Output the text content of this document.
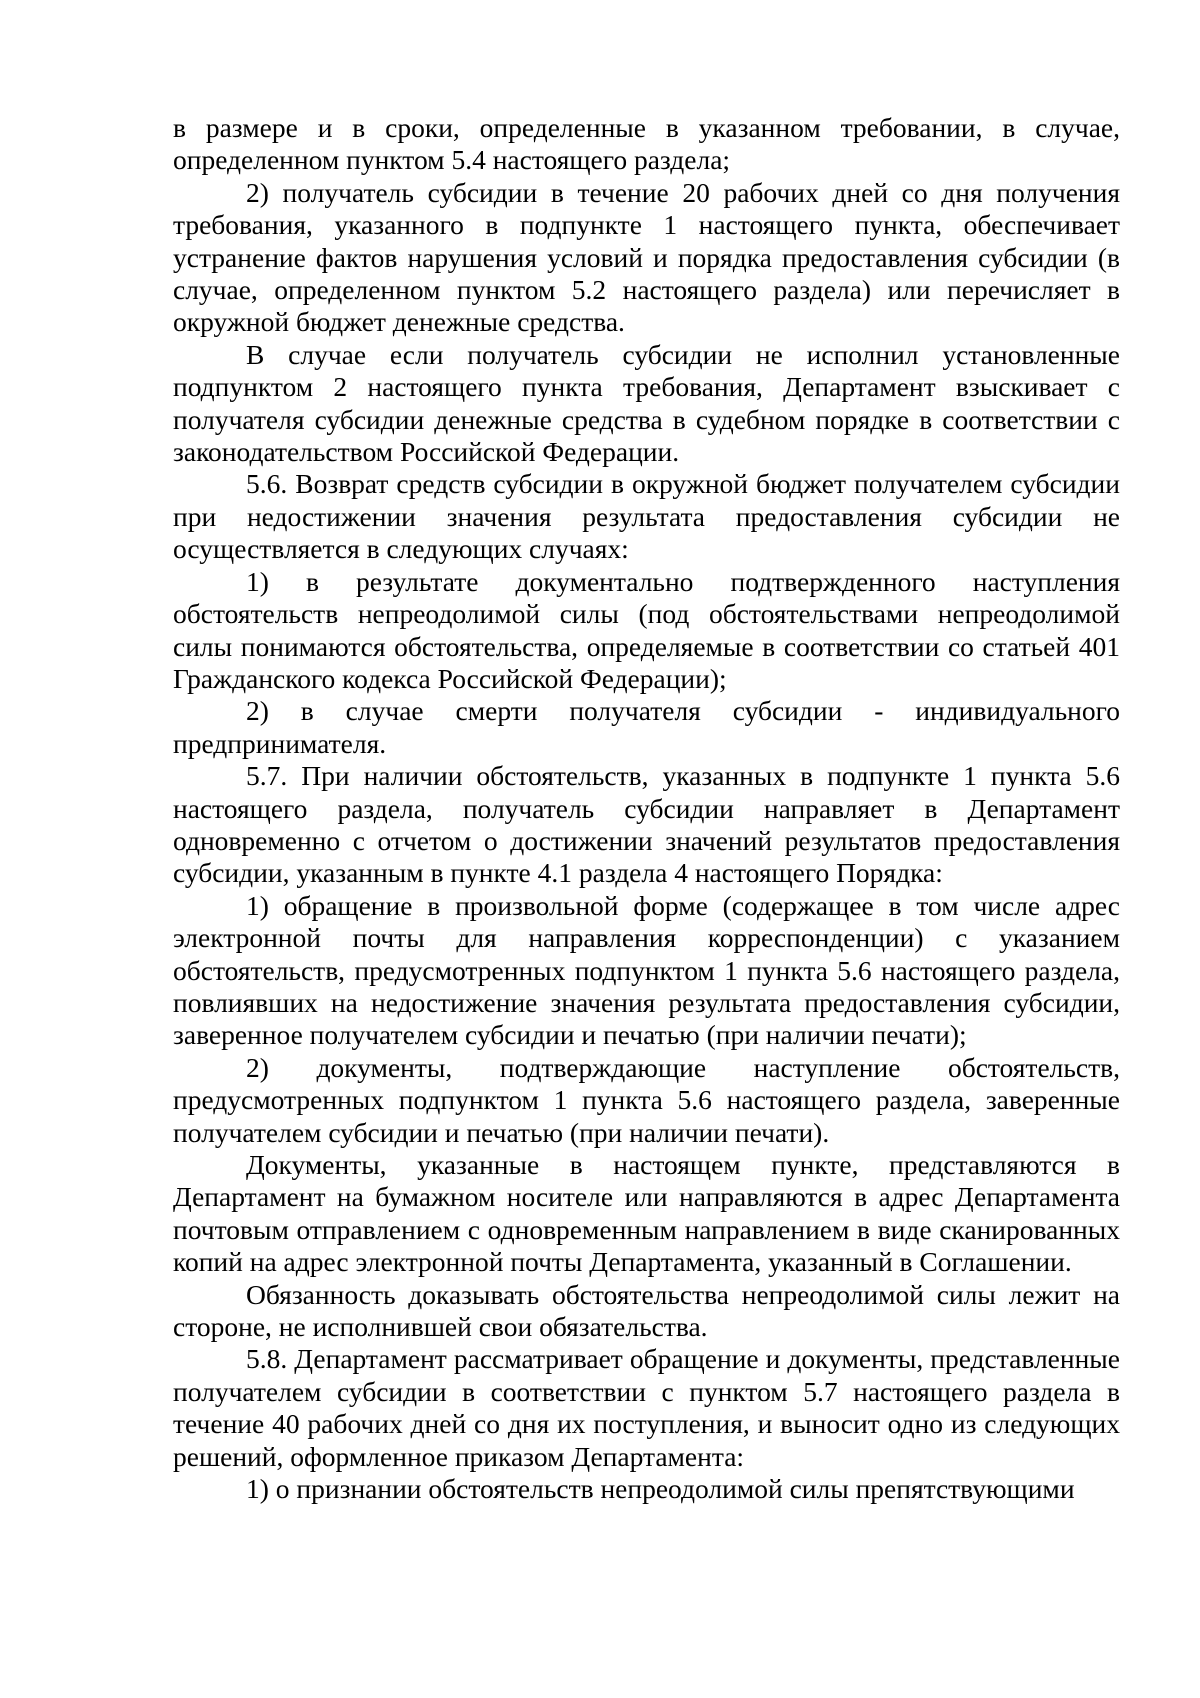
в размере и в сроки, определенные в указанном требовании, в случае, определенном пунктом 5.4 настоящего раздела;

2) получатель субсидии в течение 20 рабочих дней со дня получения требования, указанного в подпункте 1 настоящего пункта, обеспечивает устранение фактов нарушения условий и порядка предоставления субсидии (в случае, определенном пунктом 5.2 настоящего раздела) или перечисляет в окружной бюджет денежные средства.

В случае если получатель субсидии не исполнил установленные подпунктом 2 настоящего пункта требования, Департамент взыскивает с получателя субсидии денежные средства в судебном порядке в соответствии с законодательством Российской Федерации.

5.6. Возврат средств субсидии в окружной бюджет получателем субсидии при недостижении значения результата предоставления субсидии не осуществляется в следующих случаях:

1) в результате документально подтвержденного наступления обстоятельств непреодолимой силы (под обстоятельствами непреодолимой силы понимаются обстоятельства, определяемые в соответствии со статьей 401 Гражданского кодекса Российской Федерации);

2) в случае смерти получателя субсидии - индивидуального предпринимателя.

5.7. При наличии обстоятельств, указанных в подпункте 1 пункта 5.6 настоящего раздела, получатель субсидии направляет в Департамент одновременно с отчетом о достижении значений результатов предоставления субсидии, указанным в пункте 4.1 раздела 4 настоящего Порядка:

1) обращение в произвольной форме (содержащее в том числе адрес электронной почты для направления корреспонденции) с указанием обстоятельств, предусмотренных подпунктом 1 пункта 5.6 настоящего раздела, повлиявших на недостижение значения результата предоставления субсидии, заверенное получателем субсидии и печатью (при наличии печати);

2) документы, подтверждающие наступление обстоятельств, предусмотренных подпунктом 1 пункта 5.6 настоящего раздела, заверенные получателем субсидии и печатью (при наличии печати).

Документы, указанные в настоящем пункте, представляются в Департамент на бумажном носителе или направляются в адрес Департамента почтовым отправлением с одновременным направлением в виде сканированных копий на адрес электронной почты Департамента, указанный в Соглашении.

Обязанность доказывать обстоятельства непреодолимой силы лежит на стороне, не исполнившей свои обязательства.

5.8. Департамент рассматривает обращение и документы, представленные получателем субсидии в соответствии с пунктом 5.7 настоящего раздела в течение 40 рабочих дней со дня их поступления, и выносит одно из следующих решений, оформленное приказом Департамента:

1) о признании обстоятельств непреодолимой силы препятствующими
